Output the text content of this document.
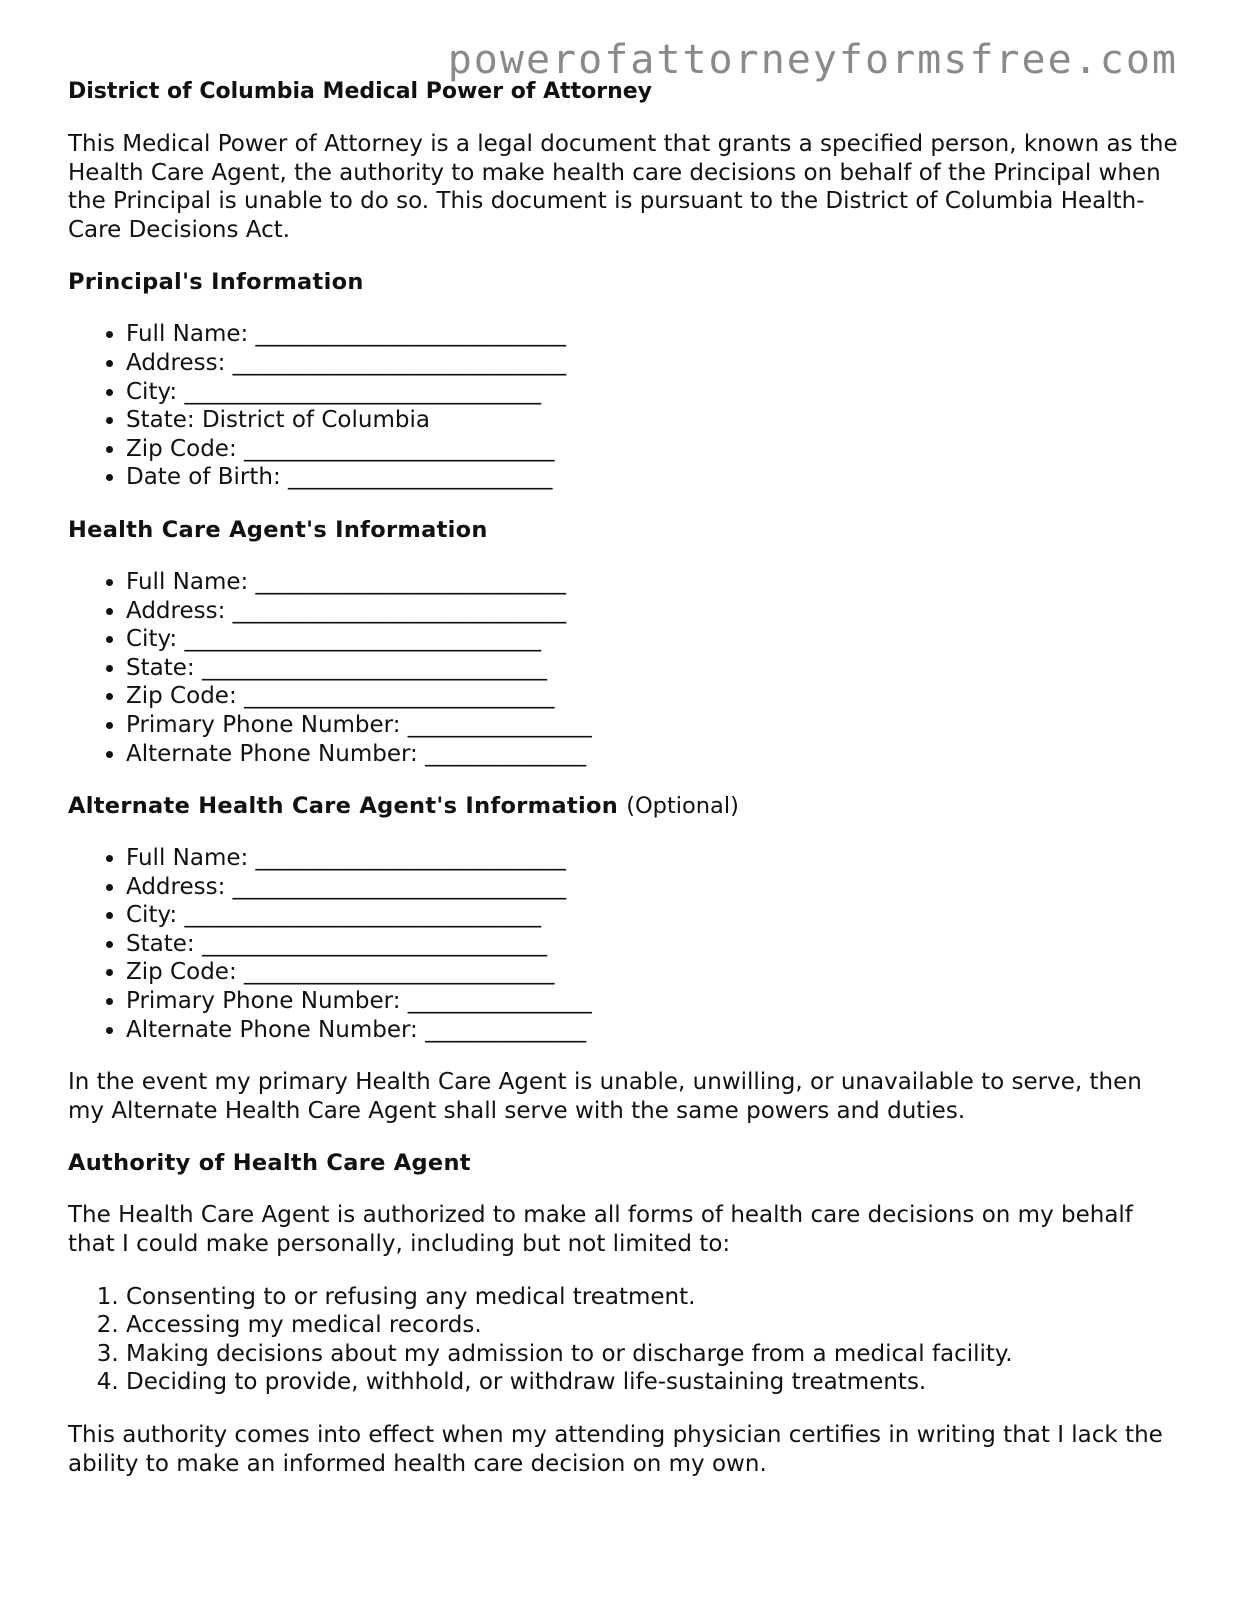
powerofattorneyformsfree.com
District of Columbia Medical Power of Attorney

This Medical Power of Attorney is a legal document that grants a specified person, known as the Health Care Agent, the authority to make health care decisions on behalf of the Principal when the Principal is unable to do so. This document is pursuant to the District of Columbia Health-Care Decisions Act.

Principal's Information
• Full Name: ___________________________
• Address: _____________________________
• City: _______________________________
• State: District of Columbia
• Zip Code: ___________________________
• Date of Birth: _______________________
Health Care Agent's Information
• Full Name: ___________________________
• Address: _____________________________
• City: _______________________________
• State: ______________________________
• Zip Code: ___________________________
• Primary Phone Number: ________________
• Alternate Phone Number: ______________
Alternate Health Care Agent's Information (Optional)
• Full Name: ___________________________
• Address: _____________________________
• City: _______________________________
• State: ______________________________
• Zip Code: ___________________________
• Primary Phone Number: ________________
• Alternate Phone Number: ______________

In the event my primary Health Care Agent is unable, unwilling, or unavailable to serve, then my Alternate Health Care Agent shall serve with the same powers and duties.

Authority of Health Care Agent

The Health Care Agent is authorized to make all forms of health care decisions on my behalf that I could make personally, including but not limited to:

1. Consenting to or refusing any medical treatment.
2. Accessing my medical records.
3. Making decisions about my admission to or discharge from a medical facility.
4. Deciding to provide, withhold, or withdraw life-sustaining treatments.

This authority comes into effect when my attending physician certifies in writing that I lack the ability to make an informed health care decision on my own.
